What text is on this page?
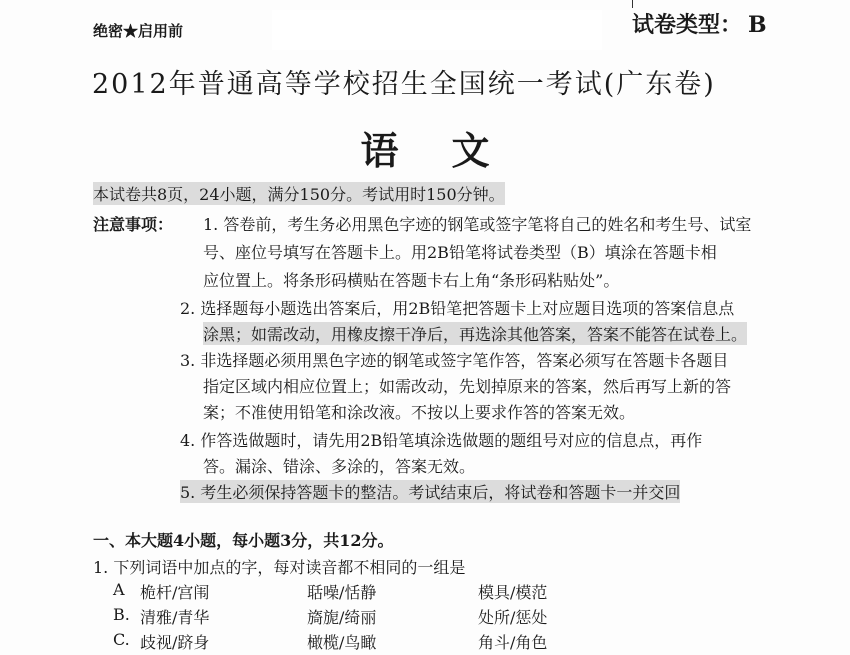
绝密★启用前	试卷类型： B
2012年普通高等学校招生全国统一考试(广东卷)
语    文
本试卷共8页，24小题，满分150分。考试用时150分钟。
注意事项： 1. 答卷前，考生务必用黑色字迹的钢笔或签字笔将自己的姓名和考生号、试室
号、座位号填写在答题卡上。用2B铅笔将试卷类型（B）填涂在答题卡相
应位置上。将条形码横贴在答题卡右上角“条形码粘贴处”。
2. 选择题每小题选出答案后，用2B铅笔把答题卡上对应题目选项的答案信息点
涂黑；如需改动，用橡皮擦干净后，再选涂其他答案，答案不能答在试卷上。
3. 非选择题必须用黑色字迹的钢笔或签字笔作答，答案必须写在答题卡各题目
指定区域内相应位置上；如需改动，先划掉原来的答案，然后再写上新的答
案；不准使用铅笔和涂改液。不按以上要求作答的答案无效。
4. 作答选做题时，请先用2B铅笔填涂选做题的题组号对应的信息点，再作
答。漏涂、错涂、多涂的，答案无效。
5. 考生必须保持答题卡的整洁。考试结束后，将试卷和答题卡一并交回
一、本大题4小题，每小题3分，共12分。
1. 下列词语中加点的字，每对读音都不相同的一组是
A 桅杆/宫闱	聒噪/恬静	模具/模范
B. 清雅/青华	旖旎/绮丽	处所/惩处
C. 歧视/跻身	橄榄/鸟瞰	角斗/角色
